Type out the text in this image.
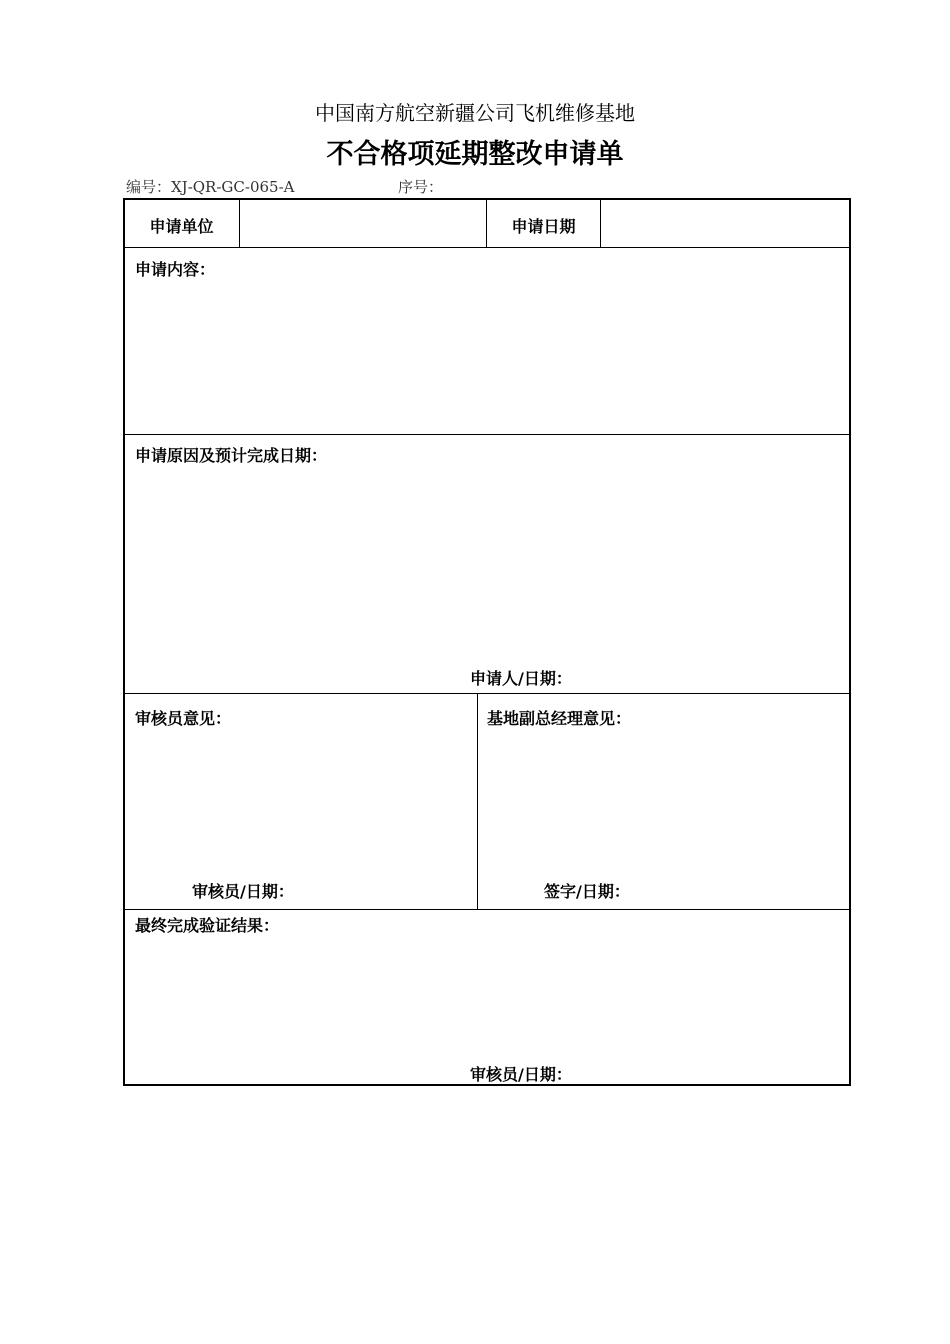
中国南方航空新疆公司飞机维修基地
不合格项延期整改申请单
编号：XJ-QR-GC-065-A	序号：
申请单位	申请日期
申请内容：
申请原因及预计完成日期：
申请人/日期：
审核员意见：
审核员/日期：
基地副总经理意见：
签字/日期：
最终完成验证结果：
审核员/日期：
